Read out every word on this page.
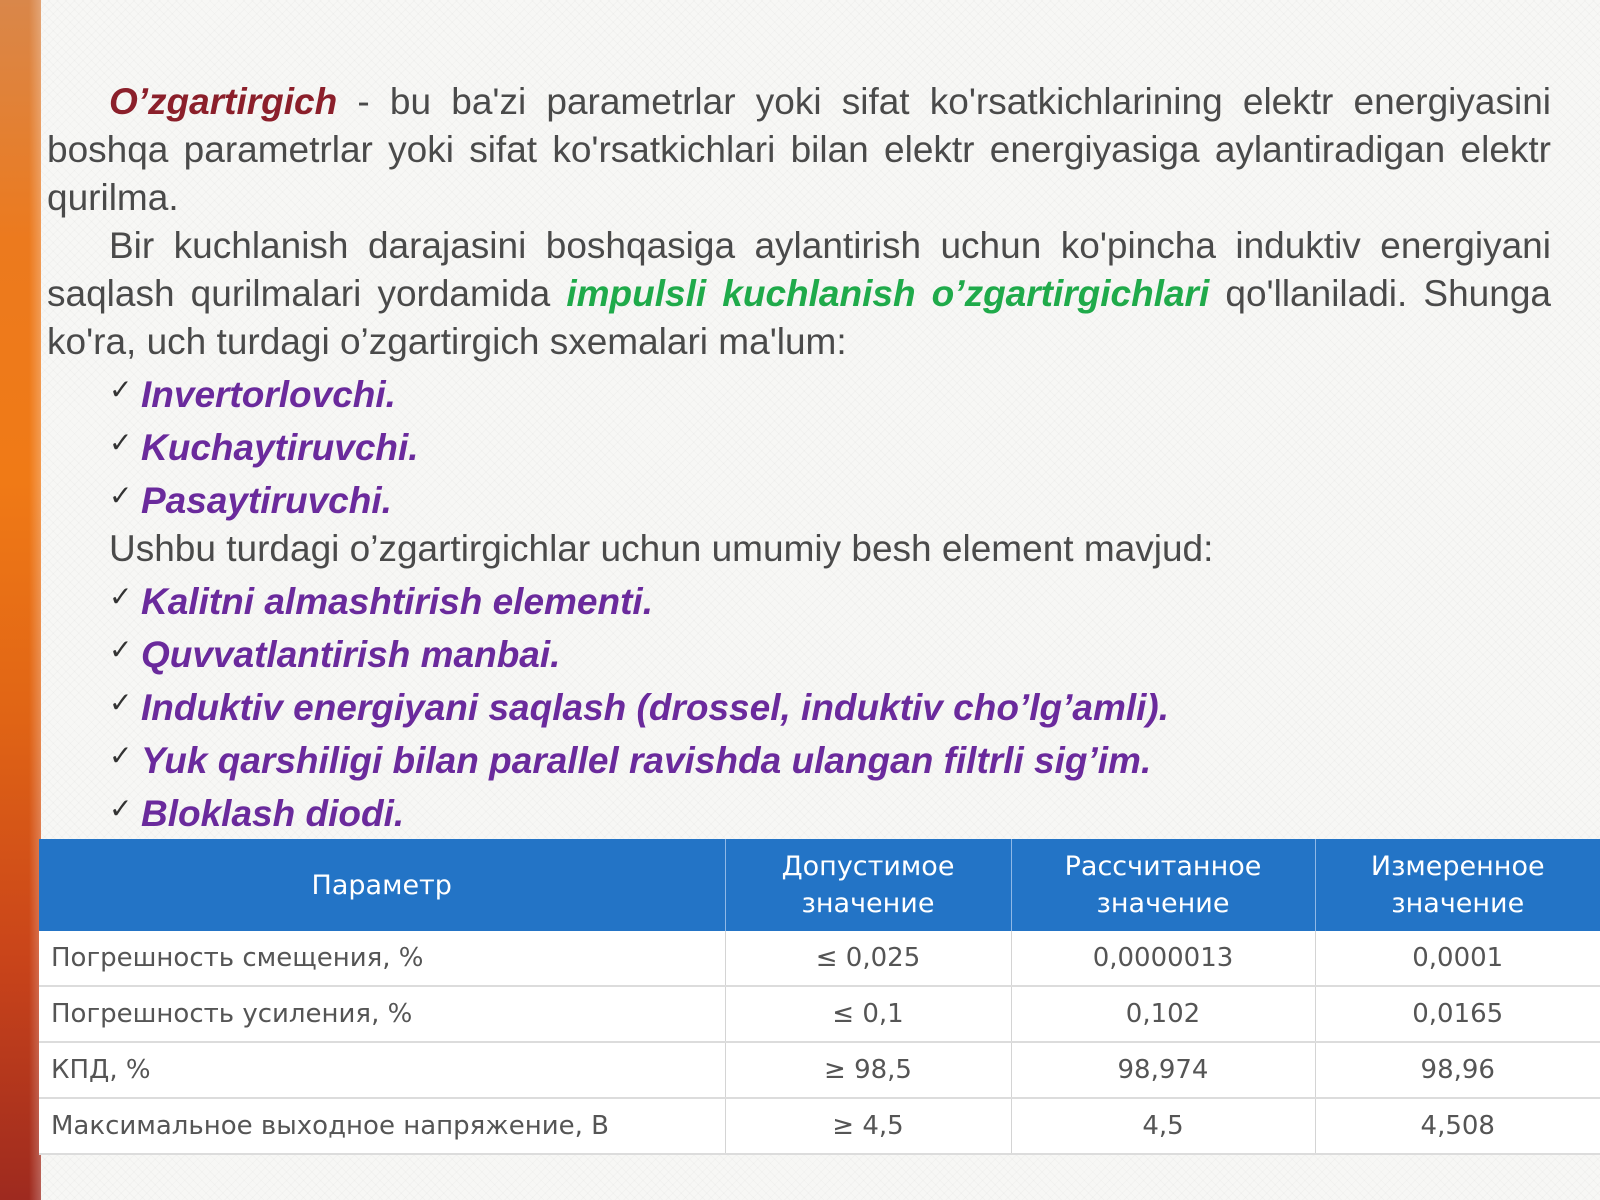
O’zgartirgich - bu ba'zi parametrlar yoki sifat ko'rsatkichlarining elektr energiyasini boshqa parametrlar yoki sifat ko'rsatkichlari bilan elektr energiyasiga aylantiradigan elektr qurilma.

Bir kuchlanish darajasini boshqasiga aylantirish uchun ko'pincha induktiv energiyani saqlash qurilmalari yordamida impulsli kuchlanish o’zgartirgichlari qo'llaniladi. Shunga ko'ra, uch turdagi o’zgartirgich sxemalari ma'lum:

✓ Invertorlovchi.
✓ Kuchaytiruvchi.
✓ Pasaytiruvchi.

Ushbu turdagi o’zgartirgichlar uchun umumiy besh element mavjud:

✓ Kalitni almashtirish elementi.
✓ Quvvatlantirish manbai.
✓ Induktiv energiyani saqlash (drossel, induktiv cho’lg’amli).
✓ Yuk qarshiligi bilan parallel ravishda ulangan filtrli sig’im.
✓ Bloklash diodi.
Параметр	Допустимое значение	Рассчитанное значение	Измеренное значение
Погрешность смещения, %	≤ 0,025	0,0000013	0,0001
Погрешность усиления, %	≤ 0,1	0,102	0,0165
КПД, %	≥ 98,5	98,974	98,96
Максимальное выходное напряжение, В	≥ 4,5	4,5	4,508
